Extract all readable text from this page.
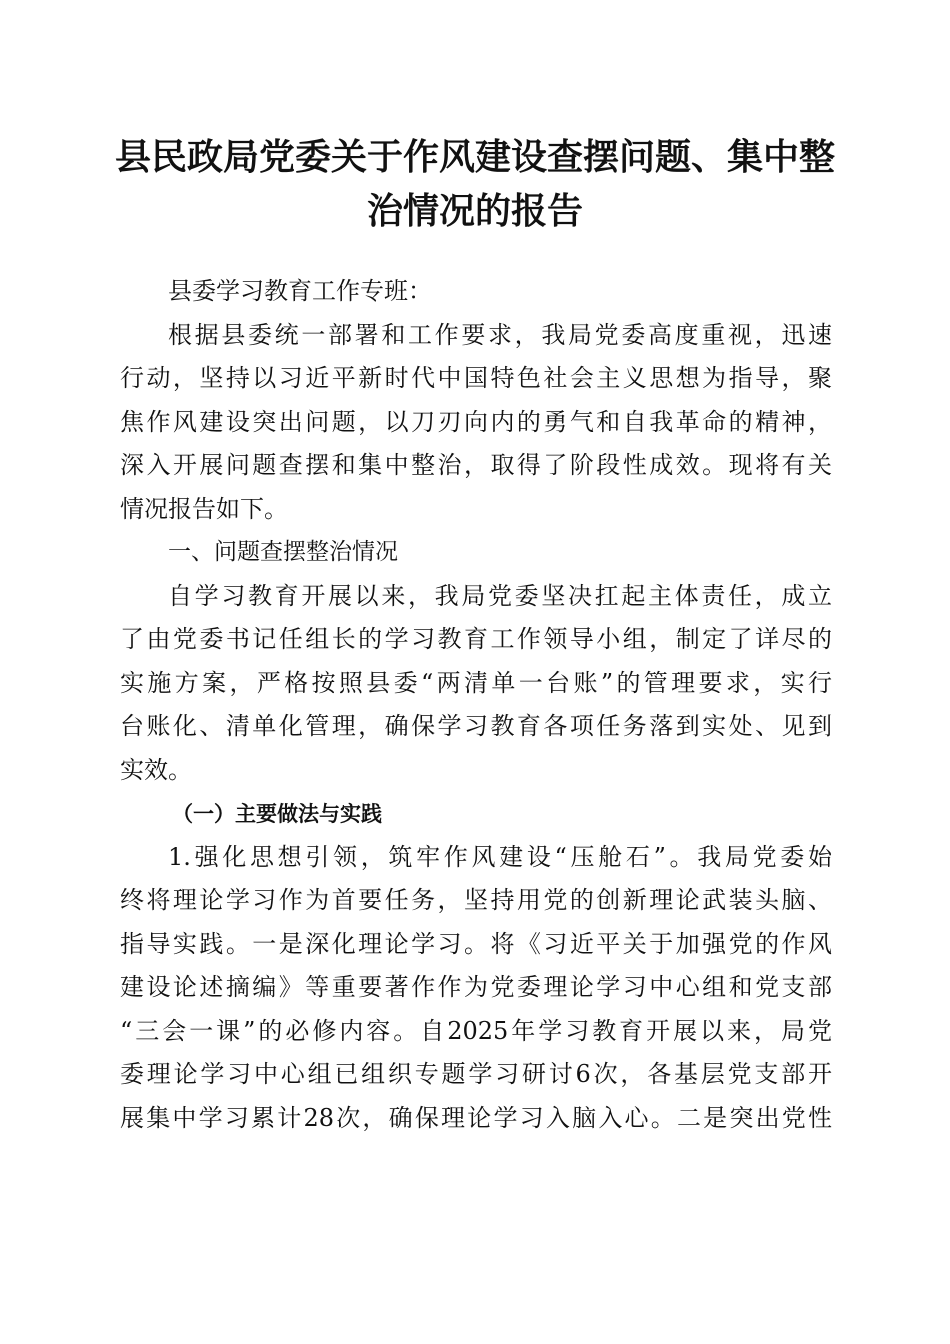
县民政局党委关于作风建设查摆问题、集中整
治情况的报告
县委学习教育工作专班：
根据县委统一部署和工作要求，我局党委高度重视，迅速
行动，坚持以习近平新时代中国特色社会主义思想为指导，聚
焦作风建设突出问题，以刀刃向内的勇气和自我革命的精神，
深入开展问题查摆和集中整治，取得了阶段性成效。现将有关
情况报告如下。
一、问题查摆整治情况
自学习教育开展以来，我局党委坚决扛起主体责任，成立
了由党委书记任组长的学习教育工作领导小组，制定了详尽的
实施方案，严格按照县委“两清单一台账”的管理要求，实行
台账化、清单化管理，确保学习教育各项任务落到实处、见到
实效。
（一）主要做法与实践
1.强化思想引领，筑牢作风建设“压舱石”。我局党委始
终将理论学习作为首要任务，坚持用党的创新理论武装头脑、
指导实践。一是深化理论学习。将《习近平关于加强党的作风
建设论述摘编》等重要著作作为党委理论学习中心组和党支部
“三会一课”的必修内容。自2025年学习教育开展以来，局党
委理论学习中心组已组织专题学习研讨6次，各基层党支部开
展集中学习累计28次，确保理论学习入脑入心。二是突出党性
